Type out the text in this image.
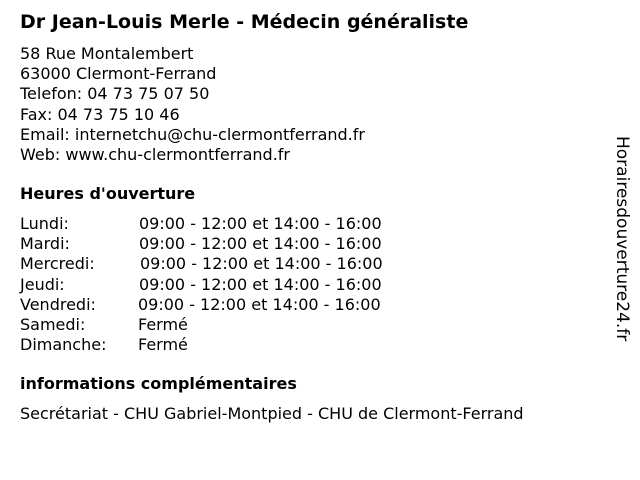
Dr Jean-Louis Merle - Médecin généraliste
58 Rue Montalembert
63000 Clermont-Ferrand
Telefon: 04 73 75 07 50
Fax: 04 73 75 10 46
Email: internetchu@chu-clermontferrand.fr
Web: www.chu-clermontferrand.fr
Heures d'ouverture
Lundi:	09:00 - 12:00 et 14:00 - 16:00
Mardi:	09:00 - 12:00 et 14:00 - 16:00
Mercredi:	09:00 - 12:00 et 14:00 - 16:00
Jeudi:	09:00 - 12:00 et 14:00 - 16:00
Vendredi:	09:00 - 12:00 et 14:00 - 16:00
Samedi:	Fermé
Dimanche: Fermé
informations complémentaires
Secrétariat - CHU Gabriel-Montpied - CHU de Clermont-Ferrand
Horairesdouverture24.fr
